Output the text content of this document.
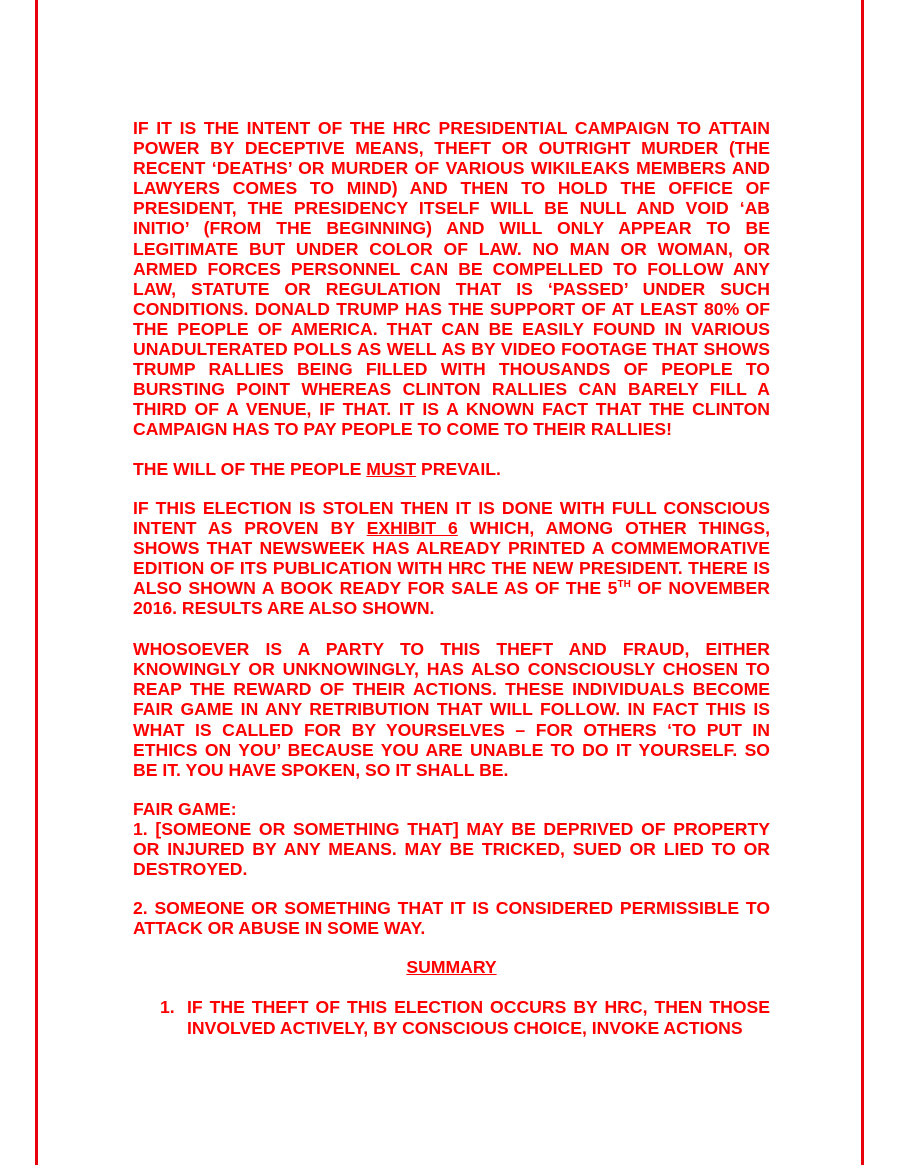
IF IT IS THE INTENT OF THE HRC PRESIDENTIAL CAMPAIGN TO ATTAIN POWER BY DECEPTIVE MEANS, THEFT OR OUTRIGHT MURDER (THE RECENT ‘DEATHS’ OR MURDER OF VARIOUS WIKILEAKS MEMBERS AND LAWYERS COMES TO MIND) AND THEN TO HOLD THE OFFICE OF PRESIDENT, THE PRESIDENCY ITSELF WILL BE NULL AND VOID ‘AB INITIO’ (FROM THE BEGINNING) AND WILL ONLY APPEAR TO BE LEGITIMATE BUT UNDER COLOR OF LAW. NO MAN OR WOMAN, OR ARMED FORCES PERSONNEL CAN BE COMPELLED TO FOLLOW ANY LAW, STATUTE OR REGULATION THAT IS ‘PASSED’ UNDER SUCH CONDITIONS. DONALD TRUMP HAS THE SUPPORT OF AT LEAST 80% OF THE PEOPLE OF AMERICA. THAT CAN BE EASILY FOUND IN VARIOUS UNADULTERATED POLLS AS WELL AS BY VIDEO FOOTAGE THAT SHOWS TRUMP RALLIES BEING FILLED WITH THOUSANDS OF PEOPLE TO BURSTING POINT WHEREAS CLINTON RALLIES CAN BARELY FILL A THIRD OF A VENUE, IF THAT. IT IS A KNOWN FACT THAT THE CLINTON CAMPAIGN HAS TO PAY PEOPLE TO COME TO THEIR RALLIES!

THE WILL OF THE PEOPLE MUST PREVAIL.

IF THIS ELECTION IS STOLEN THEN IT IS DONE WITH FULL CONSCIOUS INTENT AS PROVEN BY EXHIBIT 6 WHICH, AMONG OTHER THINGS, SHOWS THAT NEWSWEEK HAS ALREADY PRINTED A COMMEMORATIVE EDITION OF ITS PUBLICATION WITH HRC THE NEW PRESIDENT. THERE IS ALSO SHOWN A BOOK READY FOR SALE AS OF THE 5TH OF NOVEMBER 2016. RESULTS ARE ALSO SHOWN.

WHOSOEVER IS A PARTY TO THIS THEFT AND FRAUD, EITHER KNOWINGLY OR UNKNOWINGLY, HAS ALSO CONSCIOUSLY CHOSEN TO REAP THE REWARD OF THEIR ACTIONS. THESE INDIVIDUALS BECOME FAIR GAME IN ANY RETRIBUTION THAT WILL FOLLOW. IN FACT THIS IS WHAT IS CALLED FOR BY YOURSELVES – FOR OTHERS ‘TO PUT IN ETHICS ON YOU’ BECAUSE YOU ARE UNABLE TO DO IT YOURSELF. SO BE IT. YOU HAVE SPOKEN, SO IT SHALL BE.

FAIR GAME:

1. [SOMEONE OR SOMETHING THAT] MAY BE DEPRIVED OF PROPERTY OR INJURED BY ANY MEANS. MAY BE TRICKED, SUED OR LIED TO OR DESTROYED.

2. SOMEONE OR SOMETHING THAT IT IS CONSIDERED PERMISSIBLE TO ATTACK OR ABUSE IN SOME WAY.

SUMMARY

1. IF THE THEFT OF THIS ELECTION OCCURS BY HRC, THEN THOSE INVOLVED ACTIVELY, BY CONSCIOUS CHOICE, INVOKE ACTIONS
